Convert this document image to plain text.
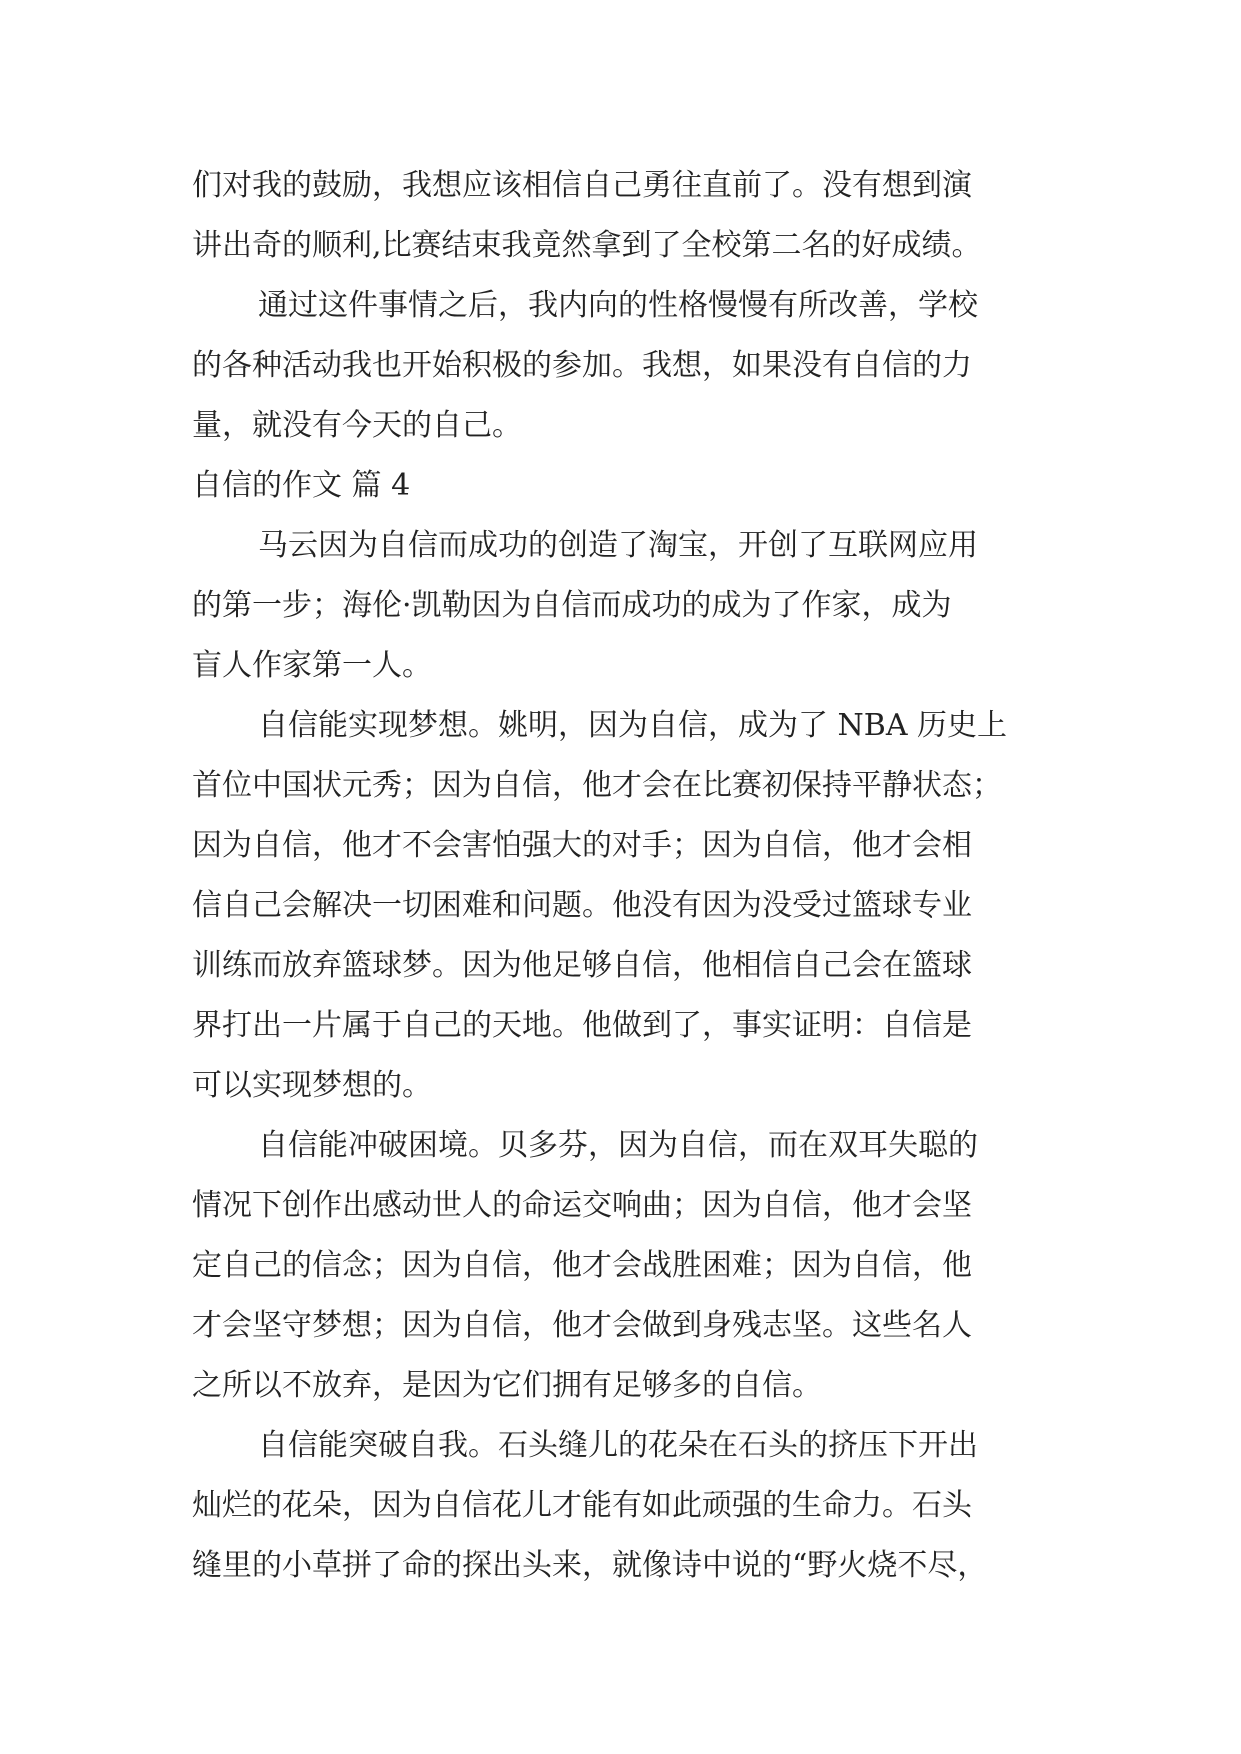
们对我的鼓励，我想应该相信自己勇往直前了。没有想到演

讲出奇的顺利,比赛结束我竟然拿到了全校第二名的好成绩。

通过这件事情之后，我内向的性格慢慢有所改善，学校

的各种活动我也开始积极的参加。我想，如果没有自信的力

量，就没有今天的自己。

自信的作文 篇 4

马云因为自信而成功的创造了淘宝，开创了互联网应用

的第一步；海伦·凯勒因为自信而成功的成为了作家，成为

盲人作家第一人。

自信能实现梦想。姚明，因为自信，成为了 NBA 历史上

首位中国状元秀；因为自信，他才会在比赛初保持平静状态；

因为自信，他才不会害怕强大的对手；因为自信，他才会相

信自己会解决一切困难和问题。他没有因为没受过篮球专业

训练而放弃篮球梦。因为他足够自信，他相信自己会在篮球

界打出一片属于自己的天地。他做到了，事实证明：自信是

可以实现梦想的。

自信能冲破困境。贝多芬，因为自信，而在双耳失聪的

情况下创作出感动世人的命运交响曲；因为自信，他才会坚

定自己的信念；因为自信，他才会战胜困难；因为自信，他

才会坚守梦想；因为自信，他才会做到身残志坚。这些名人

之所以不放弃，是因为它们拥有足够多的自信。

自信能突破自我。石头缝儿的花朵在石头的挤压下开出

灿烂的花朵，因为自信花儿才能有如此顽强的生命力。石头

缝里的小草拼了命的探出头来，就像诗中说的“野火烧不尽，
